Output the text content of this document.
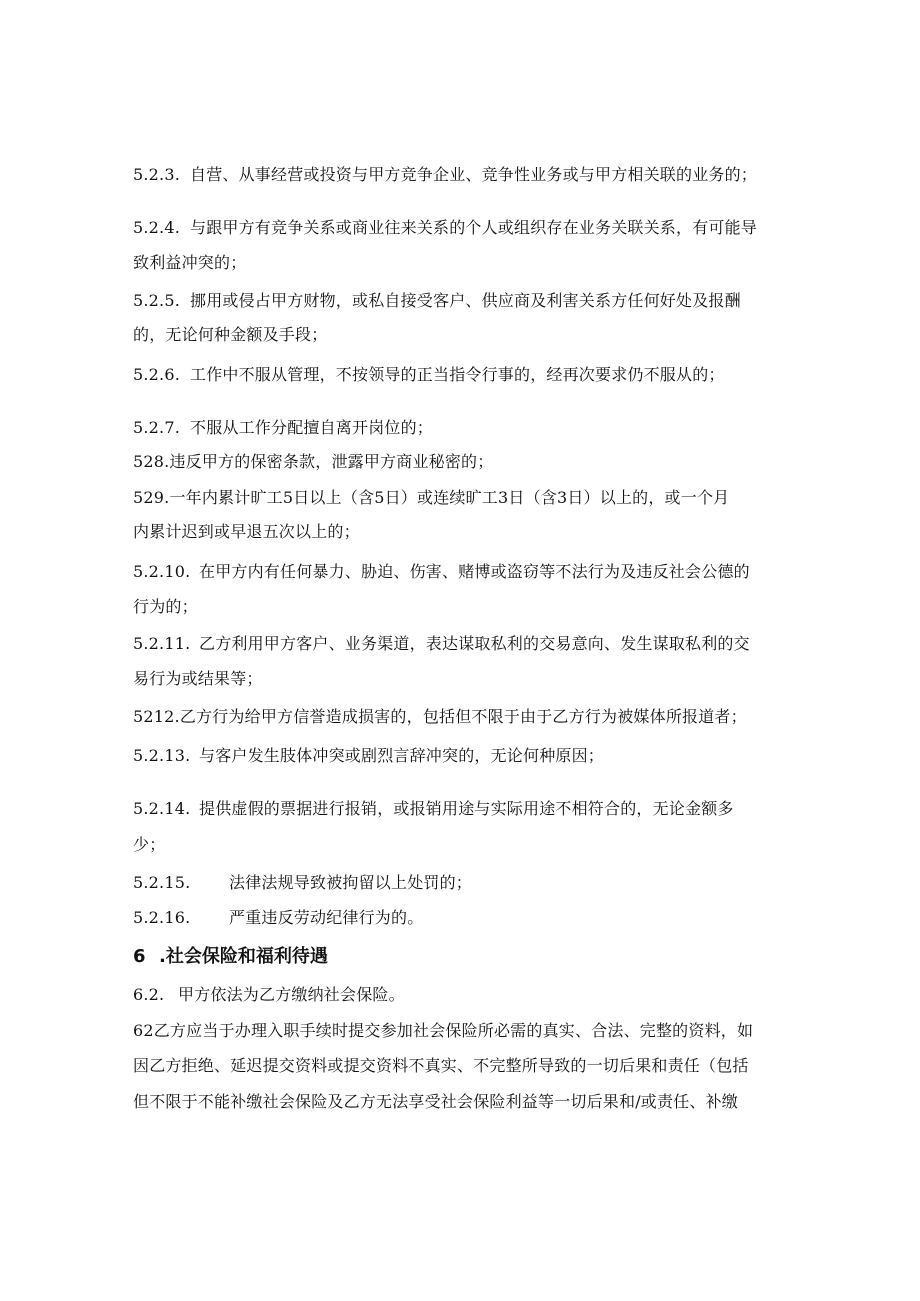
5.2.3. 自营、从事经营或投资与甲方竞争企业、竞争性业务或与甲方相关联的业务的；
5.2.4. 与跟甲方有竞争关系或商业往来关系的个人或组织存在业务关联关系，有可能导
致利益冲突的；
5.2.5. 挪用或侵占甲方财物，或私自接受客户、供应商及利害关系方任何好处及报酬
的，无论何种金额及手段；
5.2.6. 工作中不服从管理，不按领导的正当指令行事的，经再次要求仍不服从的；
5.2.7. 不服从工作分配擅自离开岗位的；
528.违反甲方的保密条款，泄露甲方商业秘密的；
529.一年内累计旷工5日以上（含5日）或连续旷工3日（含3日）以上的，或一个月
内累计迟到或早退五次以上的；
5.2.10. 在甲方内有任何暴力、胁迫、伤害、赌博或盗窃等不法行为及违反社会公德的
行为的；
5.2.11. 乙方利用甲方客户、业务渠道，表达谋取私利的交易意向、发生谋取私利的交
易行为或结果等；
5212.乙方行为给甲方信誉造成损害的，包括但不限于由于乙方行为被媒体所报道者；
5.2.13. 与客户发生肢体冲突或剧烈言辞冲突的，无论何种原因；
5.2.14. 提供虚假的票据进行报销，或报销用途与实际用途不相符合的，无论金额多
少；
5.2.15. 法律法规导致被拘留以上处罚的；
5.2.16. 严重违反劳动纪律行为的。
6 .社会保险和福利待遇
6.2. 甲方依法为乙方缴纳社会保险。
62乙方应当于办理入职手续时提交参加社会保险所必需的真实、合法、完整的资料，如
因乙方拒绝、延迟提交资料或提交资料不真实、不完整所导致的一切后果和责任（包括
但不限于不能补缴社会保险及乙方无法享受社会保险利益等一切后果和/或责任、补缴
